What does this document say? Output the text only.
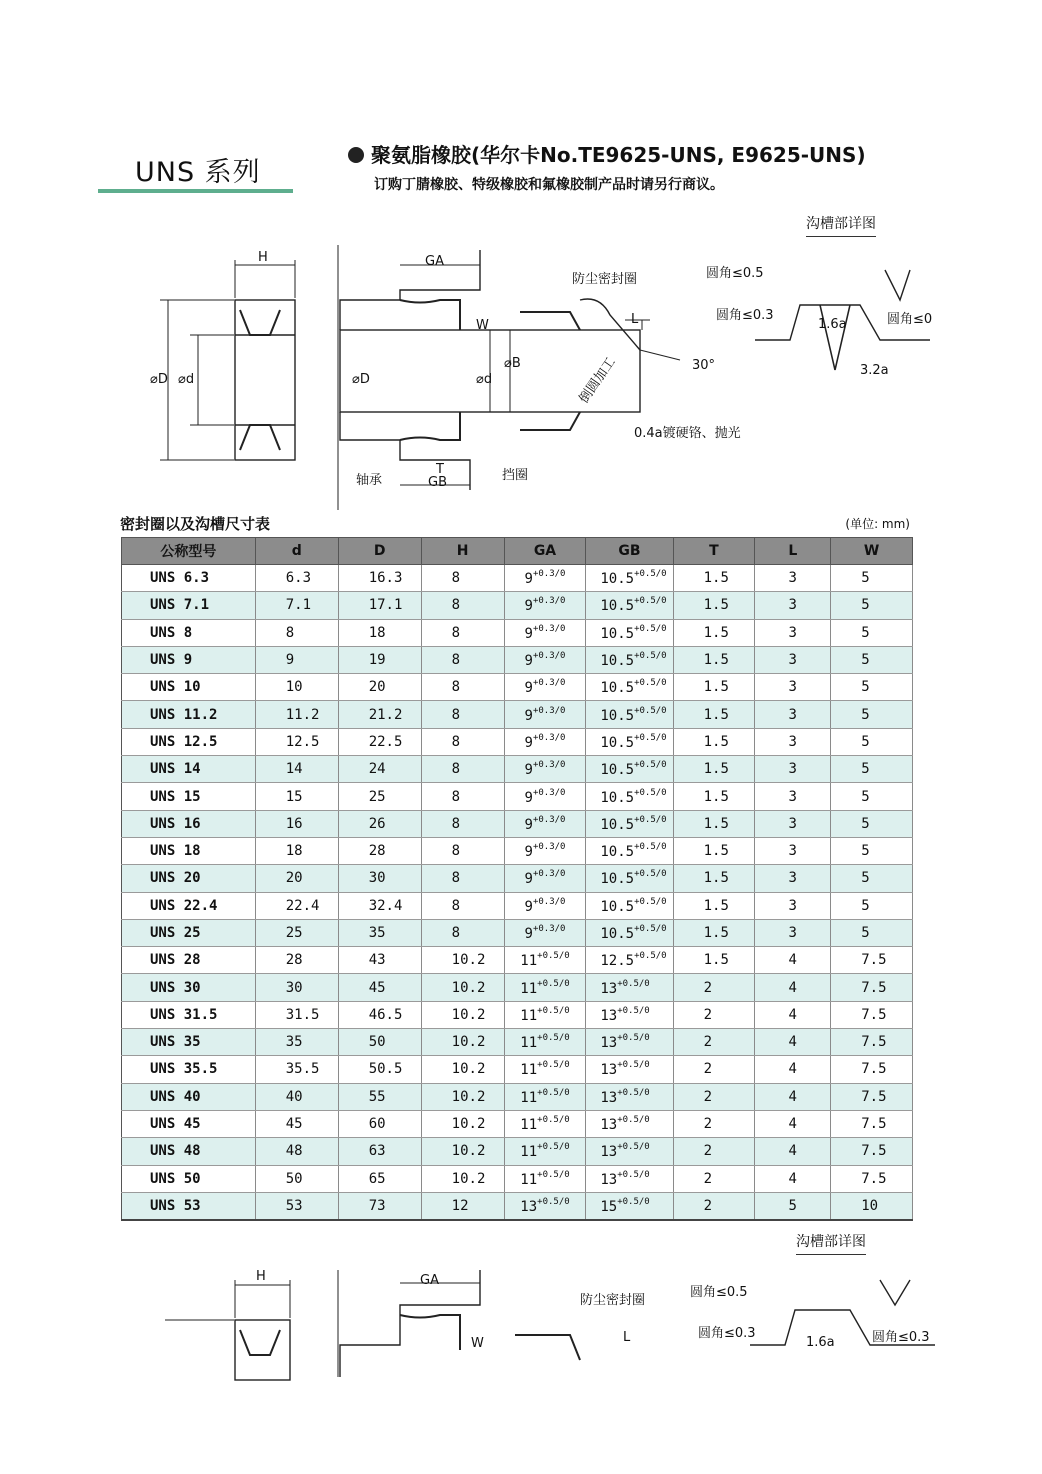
UNS 系列
聚氨脂橡胶(华尔卡No.TE9625-UNS, E9625-UNS)
订购丁腈橡胶、特级橡胶和氟橡胶制产品时请另行商议。
沟槽部详图
H	GA
W	L
⌀D ⌀d	⌀D	⌀d
⌀B
防尘密封圈
轴承
T
GB	挡圈
倒圆加工	30°
0.4a镀硬铬、抛光
圆角≤0.5
圆角≤0.3	圆角≤0
1.6a
3.2a
密封圈以及沟槽尺寸表	(单位: mm)
公称型号	d	D	H	GA	GB	T	L	W
UNS 6.3	6.3	16.3	8	$9^{+0.3/0}$	$10.5^{+0.5/0}$	1.5	3	5
UNS 7.1	7.1	17.1	8	$9^{+0.3/0}$	$10.5^{+0.5/0}$	1.5	3	5
UNS 8	8	18	8	$9^{+0.3/0}$	$10.5^{+0.5/0}$	1.5	3	5
UNS 9	9	19	8	$9^{+0.3/0}$	$10.5^{+0.5/0}$	1.5	3	5
UNS 10	10	20	8	$9^{+0.3/0}$	$10.5^{+0.5/0}$	1.5	3	5
UNS 11.2	11.2	21.2	8	$9^{+0.3/0}$	$10.5^{+0.5/0}$	1.5	3	5
UNS 12.5	12.5	22.5	8	$9^{+0.3/0}$	$10.5^{+0.5/0}$	1.5	3	5
UNS 14	14	24	8	$9^{+0.3/0}$	$10.5^{+0.5/0}$	1.5	3	5
UNS 15	15	25	8	$9^{+0.3/0}$	$10.5^{+0.5/0}$	1.5	3	5
UNS 16	16	26	8	$9^{+0.3/0}$	$10.5^{+0.5/0}$	1.5	3	5
UNS 18	18	28	8	$9^{+0.3/0}$	$10.5^{+0.5/0}$	1.5	3	5
UNS 20	20	30	8	$9^{+0.3/0}$	$10.5^{+0.5/0}$	1.5	3	5
UNS 22.4	22.4	32.4	8	$9^{+0.3/0}$	$10.5^{+0.5/0}$	1.5	3	5
UNS 25	25	35	8	$9^{+0.3/0}$	$10.5^{+0.5/0}$	1.5	3	5
UNS 28	28	43	10.2	$11^{+0.5/0}$	$12.5^{+0.5/0}$	1.5	4	7.5
UNS 30	30	45	10.2	$11^{+0.5/0}$	$13^{+0.5/0}$	2	4	7.5
UNS 31.5	31.5	46.5	10.2	$11^{+0.5/0}$	$13^{+0.5/0}$	2	4	7.5
UNS 35	35	50	10.2	$11^{+0.5/0}$	$13^{+0.5/0}$	2	4	7.5
UNS 35.5	35.5	50.5	10.2	$11^{+0.5/0}$	$13^{+0.5/0}$	2	4	7.5
UNS 40	40	55	10.2	$11^{+0.5/0}$	$13^{+0.5/0}$	2	4	7.5
UNS 45	45	60	10.2	$11^{+0.5/0}$	$13^{+0.5/0}$	2	4	7.5
UNS 48	48	63	10.2	$11^{+0.5/0}$	$13^{+0.5/0}$	2	4	7.5
UNS 50	50	65	10.2	$11^{+0.5/0}$	$13^{+0.5/0}$	2	4	7.5
UNS 53	53	73	12	$13^{+0.5/0}$	$15^{+0.5/0}$	2	5	10
沟槽部详图
H	GA
W	L
防尘密封圈
圆角≤0.5
圆角≤0.3	圆角≤0.3
1.6a
